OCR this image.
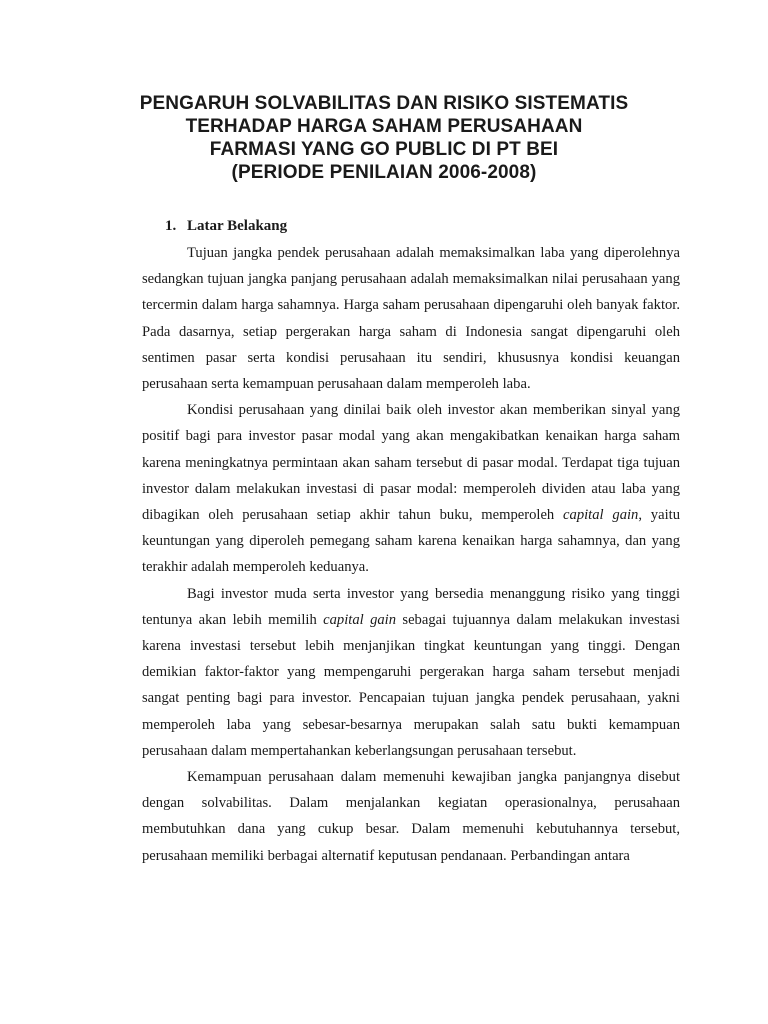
PENGARUH SOLVABILITAS DAN RISIKO SISTEMATIS
TERHADAP HARGA SAHAM PERUSAHAAN
FARMASI YANG GO PUBLIC DI PT BEI
(PERIODE PENILAIAN 2006-2008)
1. Latar Belakang

Tujuan jangka pendek perusahaan adalah memaksimalkan laba yang diperolehnya sedangkan tujuan jangka panjang perusahaan adalah memaksimalkan nilai perusahaan yang tercermin dalam harga sahamnya. Harga saham perusahaan dipengaruhi oleh banyak faktor. Pada dasarnya, setiap pergerakan harga saham di Indonesia sangat dipengaruhi oleh sentimen pasar serta kondisi perusahaan itu sendiri, khususnya kondisi keuangan perusahaan serta kemampuan perusahaan dalam memperoleh laba.

Kondisi perusahaan yang dinilai baik oleh investor akan memberikan sinyal yang positif bagi para investor pasar modal yang akan mengakibatkan kenaikan harga saham karena meningkatnya permintaan akan saham tersebut di pasar modal. Terdapat tiga tujuan investor dalam melakukan investasi di pasar modal: memperoleh dividen atau laba yang dibagikan oleh perusahaan setiap akhir tahun buku, memperoleh capital gain, yaitu keuntungan yang diperoleh pemegang saham karena kenaikan harga sahamnya, dan yang terakhir adalah memperoleh keduanya.

Bagi investor muda serta investor yang bersedia menanggung risiko yang tinggi tentunya akan lebih memilih capital gain sebagai tujuannya dalam melakukan investasi karena investasi tersebut lebih menjanjikan tingkat keuntungan yang tinggi. Dengan demikian faktor-faktor yang mempengaruhi pergerakan harga saham tersebut menjadi sangat penting bagi para investor. Pencapaian tujuan jangka pendek perusahaan, yakni memperoleh laba yang sebesar-besarnya merupakan salah satu bukti kemampuan perusahaan dalam mempertahankan keberlangsungan perusahaan tersebut.

Kemampuan perusahaan dalam memenuhi kewajiban jangka panjangnya disebut dengan solvabilitas. Dalam menjalankan kegiatan operasionalnya, perusahaan membutuhkan dana yang cukup besar. Dalam memenuhi kebutuhannya tersebut, perusahaan memiliki berbagai alternatif keputusan pendanaan. Perbandingan antara
